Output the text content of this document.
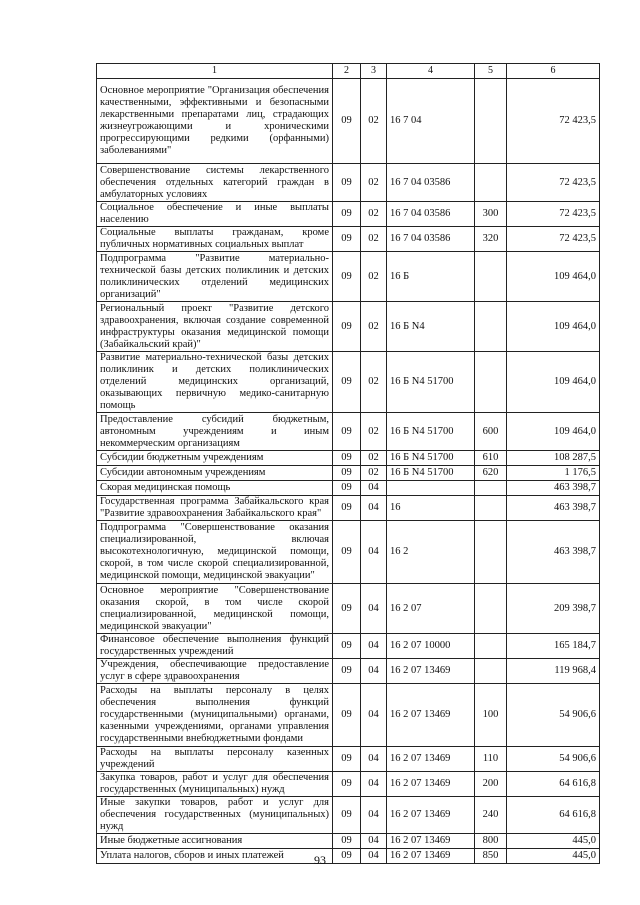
1	2	3	4	5	6
Основное мероприятие "Организация обеспечения качественными, эффективными и безопасными лекарственными препаратами лиц, страдающих жизнеугрожающими и хроническими прогрессирующими редкими (орфанными) заболеваниями"	09	02	16 7 04		72 423,5
Совершенствование системы лекарственного обеспечения отдельных категорий граждан в амбулаторных условиях	09	02	16 7 04 03586		72 423,5
Социальное обеспечение и иные выплаты населению	09	02	16 7 04 03586	300	72 423,5
Социальные выплаты гражданам, кроме публичных нормативных социальных выплат	09	02	16 7 04 03586	320	72 423,5
Подпрограмма "Развитие материально-технической базы детских поликлиник и детских поликлинических отделений медицинских организаций"	09	02	16 Б		109 464,0
Региональный проект "Развитие детского здравоохранения, включая создание современной инфраструктуры оказания медицинской помощи (Забайкальский край)"	09	02	16 Б N4		109 464,0
Развитие материально-технической базы детских поликлиник и детских поликлинических отделений медицинских организаций, оказывающих первичную медико-санитарную помощь	09	02	16 Б N4 51700		109 464,0
Предоставление субсидий бюджетным, автономным учреждениям и иным некоммерческим организациям	09	02	16 Б N4 51700	600	109 464,0
Субсидии бюджетным учреждениям	09	02	16 Б N4 51700	610	108 287,5
Субсидии автономным учреждениям	09	02	16 Б N4 51700	620	1 176,5
Скорая медицинская помощь	09	04			463 398,7
Государственная программа Забайкальского края "Развитие здравоохранения Забайкальского края"	09	04	16		463 398,7
Подпрограмма "Совершенствование оказания специализированной, включая высокотехнологичную, медицинской помощи, скорой, в том числе скорой специализированной, медицинской помощи, медицинской эвакуации"	09	04	16 2		463 398,7
Основное мероприятие "Совершенствование оказания скорой, в том числе скорой специализированной, медицинской помощи, медицинской эвакуации"	09	04	16 2 07		209 398,7
Финансовое обеспечение выполнения функций государственных учреждений	09	04	16 2 07 10000		165 184,7
Учреждения, обеспечивающие предоставление услуг в сфере здравоохранения	09	04	16 2 07 13469		119 968,4
Расходы на выплаты персоналу в целях обеспечения выполнения функций государственными (муниципальными) органами, казенными учреждениями, органами управления государственными внебюджетными фондами	09	04	16 2 07 13469	100	54 906,6
Расходы на выплаты персоналу казенных учреждений	09	04	16 2 07 13469	110	54 906,6
Закупка товаров, работ и услуг для обеспечения государственных (муниципальных) нужд	09	04	16 2 07 13469	200	64 616,8
Иные закупки товаров, работ и услуг для обеспечения государственных (муниципальных) нужд	09	04	16 2 07 13469	240	64 616,8
Иные бюджетные ассигнования	09	04	16 2 07 13469	800	445,0
Уплата налогов, сборов и иных платежей	09	04	16 2 07 13469	850	445,0
93
